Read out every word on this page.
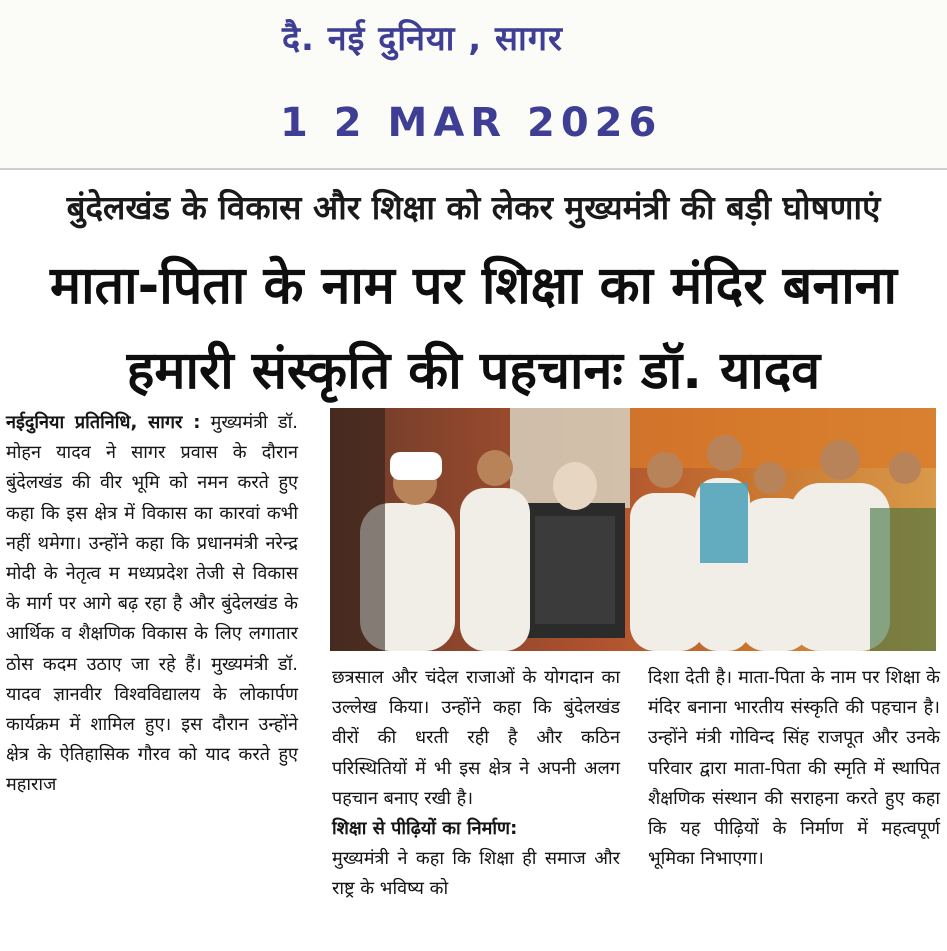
दै. नई दुनिया , सागर
1 2 MAR 2026
बुंदेलखंड के विकास और शिक्षा को लेकर मुख्यमंत्री की बड़ी घोषणाएं
माता-पिता के नाम पर शिक्षा का मंदिर बनाना
हमारी संस्कृति की पहचानः डॉ. यादव

नईदुनिया प्रतिनिधि, सागर : मुख्यमंत्री डॉ. मोहन यादव ने सागर प्रवास के दौरान बुंदेलखंड की वीर भूमि को नमन करते हुए कहा कि इस क्षेत्र में विकास का कारवां कभी नहीं थमेगा। उन्होंने कहा कि प्रधानमंत्री नरेन्द्र मोदी के नेतृत्व म मध्यप्रदेश तेजी से विकास के मार्ग पर आगे बढ़ रहा है और बुंदेलखंड के आर्थिक व शैक्षणिक विकास के लिए लगातार ठोस कदम उठाए जा रहे हैं। मुख्यमंत्री डॉ. यादव ज्ञानवीर विश्वविद्यालय के लोकार्पण कार्यक्रम में शामिल हुए। इस दौरान उन्होंने क्षेत्र के ऐतिहासिक गौरव को याद करते हुए महाराज

छत्रसाल और चंदेल राजाओं के योगदान का उल्लेख किया। उन्होंने कहा कि बुंदेलखंड वीरों की धरती रही है और कठिन परिस्थितियों में भी इस क्षेत्र ने अपनी अलग पहचान बनाए रखी है।

शिक्षा से पीढ़ियों का निर्माण:
मुख्यमंत्री ने कहा कि शिक्षा ही समाज और राष्ट्र के भविष्य को

दिशा देती है। माता-पिता के नाम पर शिक्षा के मंदिर बनाना भारतीय संस्कृति की पहचान है। उन्होंने मंत्री गोविन्द सिंह राजपूत और उनके परिवार द्वारा माता-पिता की स्मृति में स्थापित शैक्षणिक संस्थान की सराहना करते हुए कहा कि यह पीढ़ियों के निर्माण में महत्वपूर्ण भूमिका निभाएगा।
